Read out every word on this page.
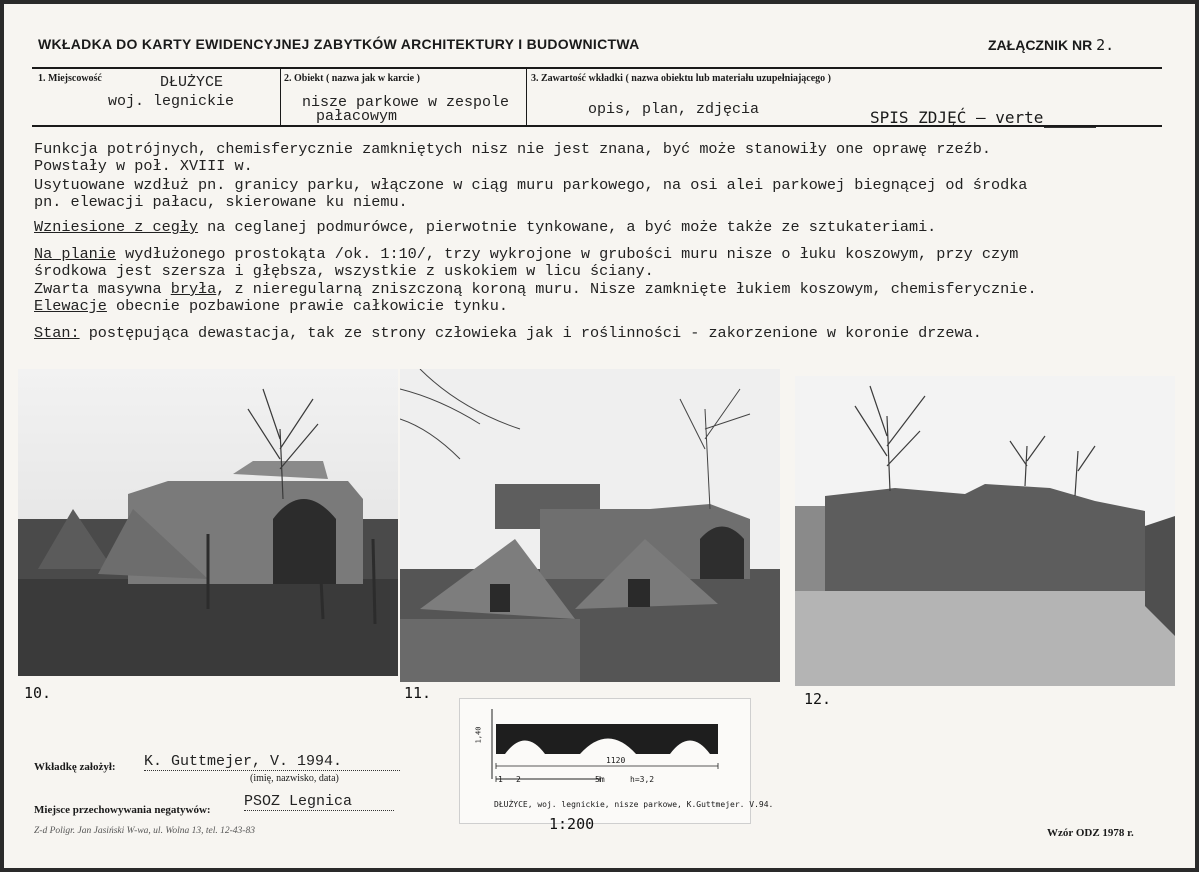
WKŁADKA DO KARTY EWIDENCYJNEJ ZABYTKÓW ARCHITEKTURY I BUDOWNICTWA	ZAŁĄCZNIK NR 2.
1. Miejscowość	DŁUŻYCE
woj. legnickie
2. Obiekt ( nazwa jak w karcie )
nisze parkowe w zespole
pałacowym
3. Zawartość wkładki ( nazwa obiektu lub materiału uzupełniającego )
opis, plan, zdjęcia	SPIS ZDJĘĆ – verte
Funkcja potrójnych, chemisferycznie zamkniętych nisz nie jest znana, być może stanowiły one oprawę rzeźb.
Powstały w poł. XVIII w.
Usytuowane wzdłuż pn. granicy parku, włączone w ciąg muru parkowego, na osi alei parkowej biegnącej od środka
pn. elewacji pałacu, skierowane ku niemu.
Wzniesione z cegły na ceglanej podmurówce, pierwotnie tynkowane, a być może także ze sztukateriami.
Na planie wydłużonego prostokąta /ok. 1:10/, trzy wykrojone w grubości muru nisze o łuku koszowym, przy czym
środkowa jest szersza i głębsza, wszystkie z uskokiem w licu ściany.
Zwarta masywna bryła, z nieregularną zniszczoną koroną muru. Nisze zamknięte łukiem koszowym, chemisferycznie.
Elewacje obecnie pozbawione prawie całkowicie tynku.
Stan: postępująca dewastacja, tak ze strony człowieka jak i roślinności - zakorzenione w koronie drzewa.
10.	11.	12.
1,40
1120
1 2	5m	h=3,2
DŁUŻYCE, woj. legnickie, nisze parkowe, K.Guttmejer. V.94.
1:200
Wkładkę założył: K. Guttmejer, V. 1994.
(imię, nazwisko, data)
Miejsce przechowywania negatywów: PSOZ Legnica
Z-d Poligr. Jan Jasiński W-wa, ul. Wolna 13, tel. 12-43-83	Wzór ODZ 1978 r.
